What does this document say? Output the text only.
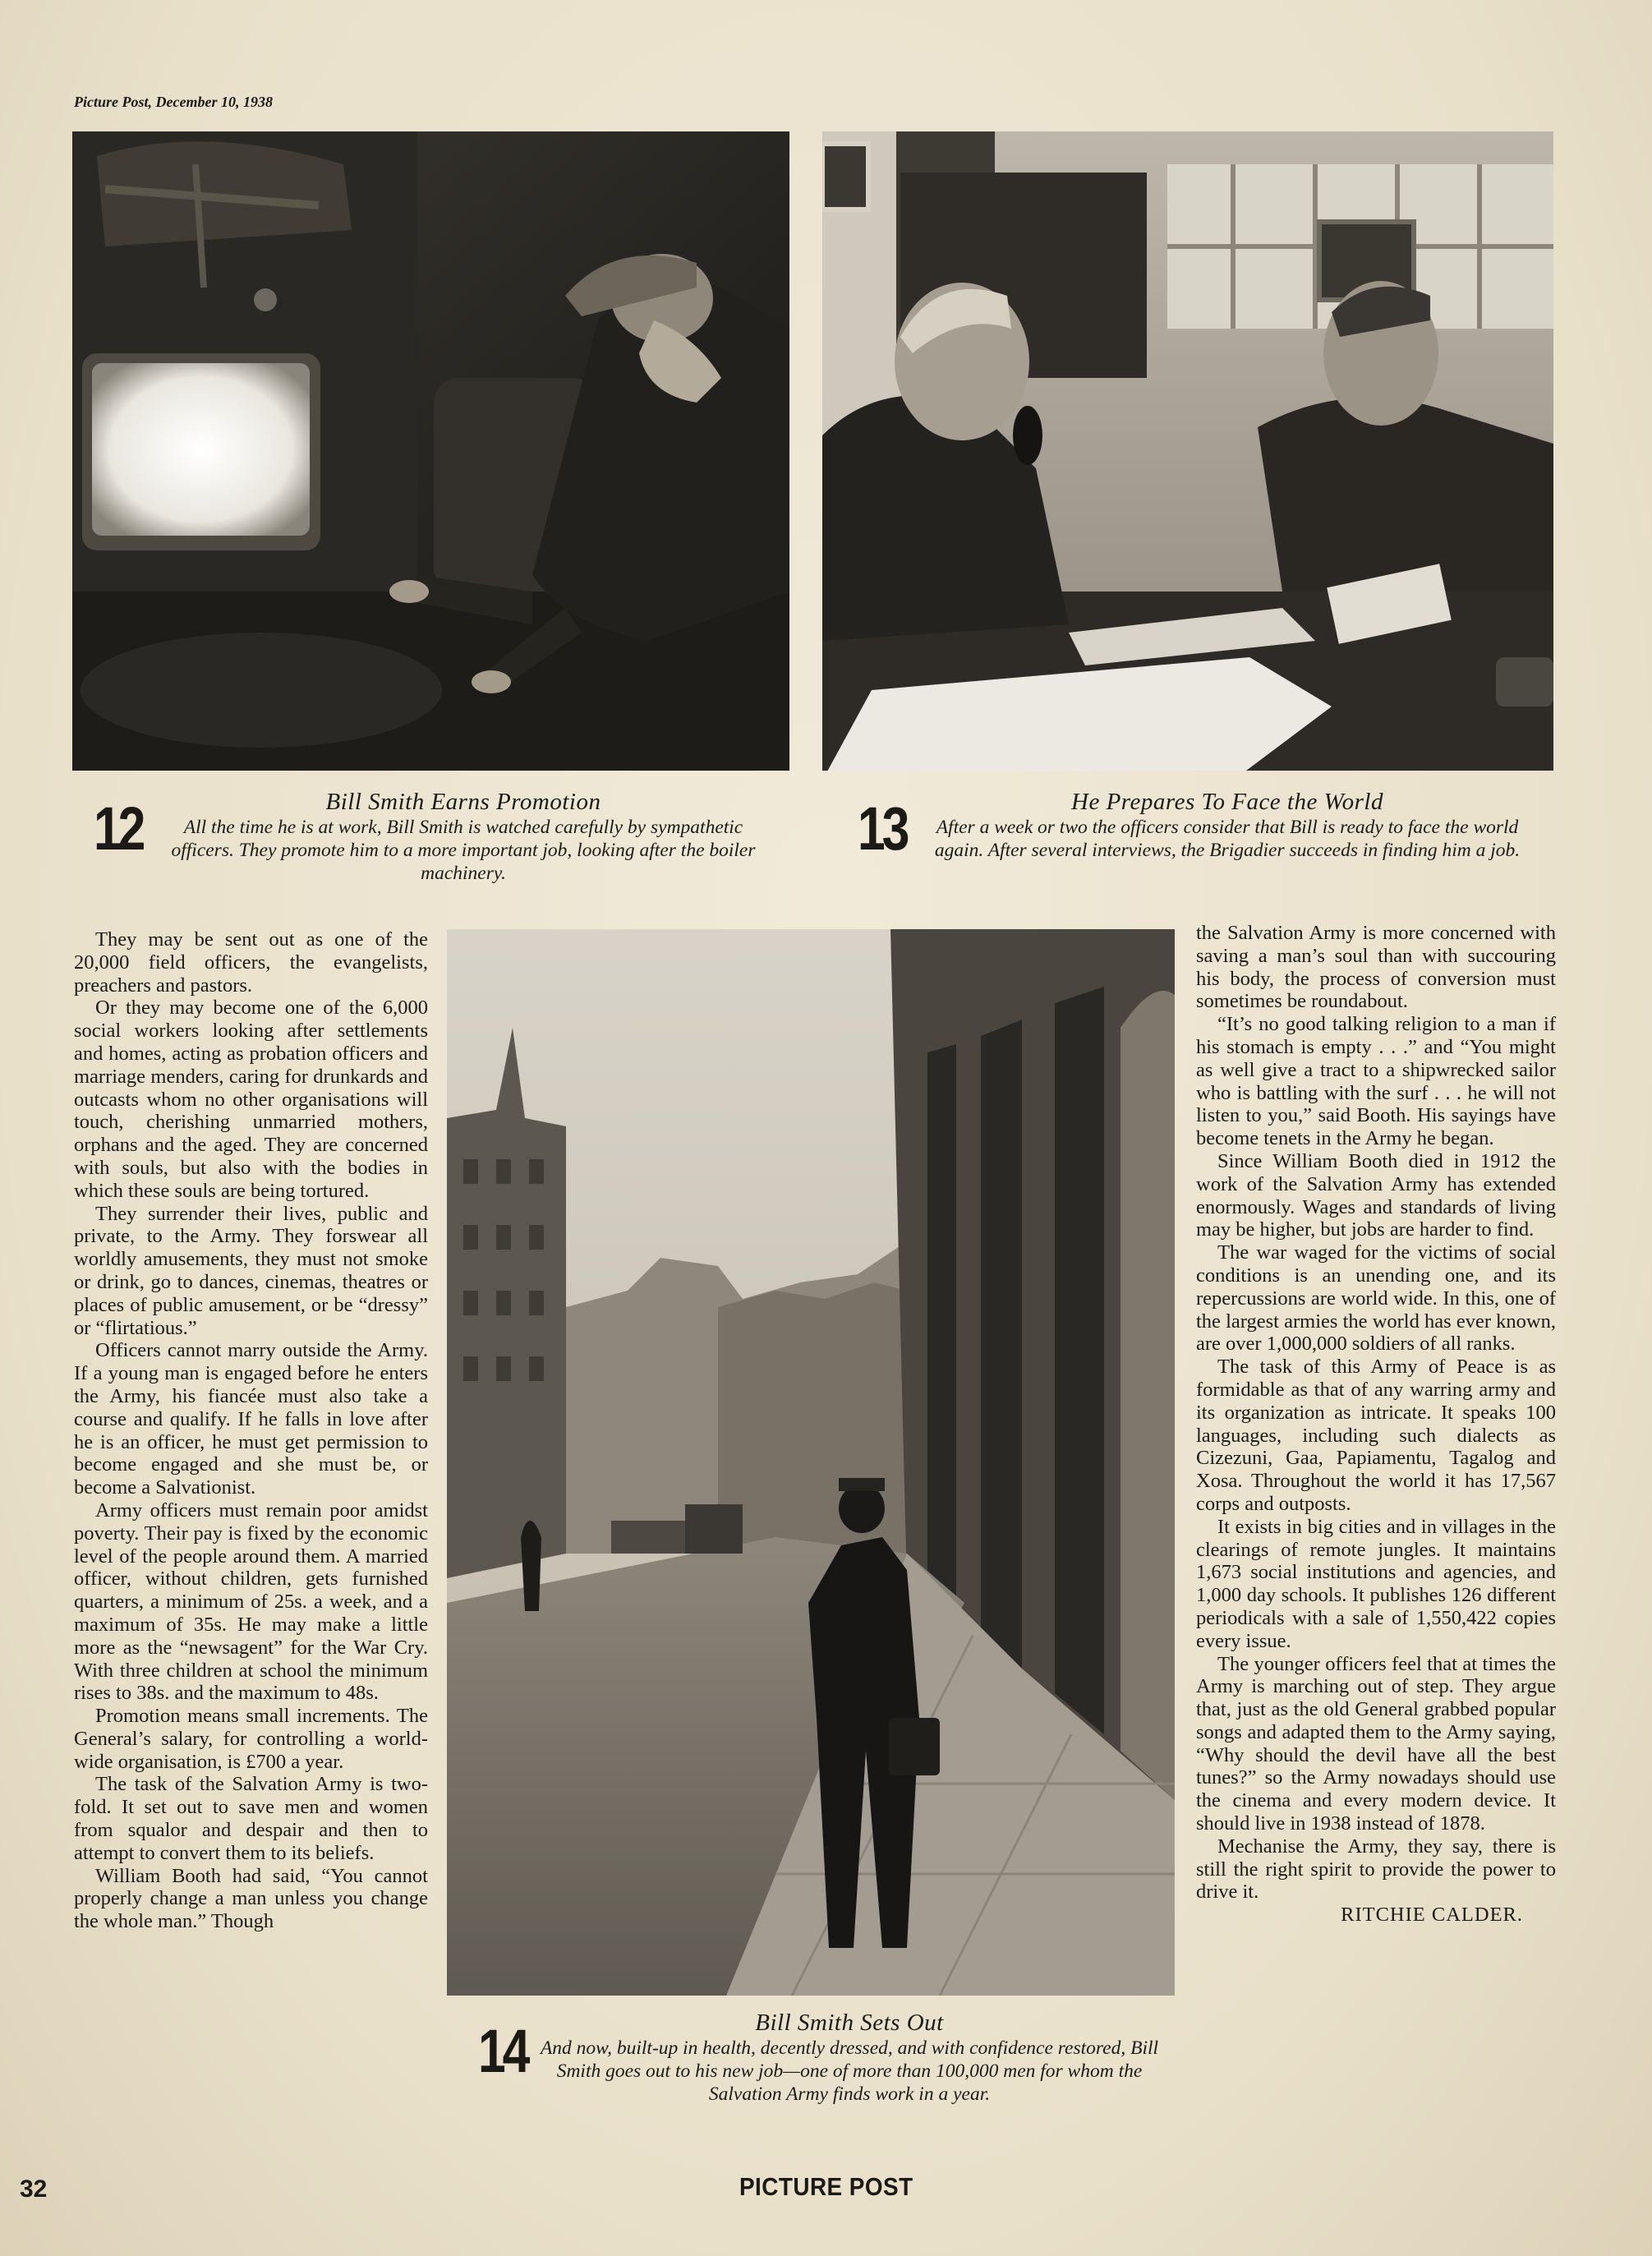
Picture Post, December 10, 1938
12	Bill Smith Earns Promotion
All the time he is at work, Bill Smith is watched carefully by sympathetic officers. They promote him to a more important job, looking after the boiler machinery.
13	He Prepares To Face the World
After a week or two the officers consider that Bill is ready to face the world again. After several interviews, the Brigadier succeeds in finding him a job.
14	Bill Smith Sets Out
And now, built-up in health, decently dressed, and with confidence restored, Bill Smith goes out to his new job—one of more than 100,000 men for whom the Salvation Army finds work in a year.

They may be sent out as one of the 20,000 field officers, the evangelists, preachers and pastors.

Or they may become one of the 6,000 social workers looking after settlements and homes, acting as probation officers and marriage menders, caring for drunkards and outcasts whom no other organisations will touch, cherishing unmarried mothers, orphans and the aged. They are concerned with souls, but also with the bodies in which these souls are being tortured.

They surrender their lives, public and private, to the Army. They forswear all worldly amusements, they must not smoke or drink, go to dances, cinemas, theatres or places of public amusement, or be “dressy” or “flirtatious.”

Officers cannot marry outside the Army. If a young man is engaged before he enters the Army, his fiancée must also take a course and qualify. If he falls in love after he is an officer, he must get permission to become engaged and she must be, or become a Salvationist.

Army officers must remain poor amidst poverty. Their pay is fixed by the economic level of the people around them. A married officer, without children, gets furnished quarters, a minimum of 25s. a week, and a maximum of 35s. He may make a little more as the “newsagent” for the War Cry. With three children at school the minimum rises to 38s. and the maximum to 48s.

Promotion means small increments. The General’s salary, for controlling a world-wide organisation, is £700 a year.

The task of the Salvation Army is two-fold. It set out to save men and women from squalor and despair and then to attempt to convert them to its beliefs.

William Booth had said, “You cannot properly change a man unless you change the whole man.” Though

the Salvation Army is more concerned with saving a man’s soul than with succouring his body, the process of conversion must sometimes be roundabout.

“It’s no good talking religion to a man if his stomach is empty . . .” and “You might as well give a tract to a shipwrecked sailor who is battling with the surf . . . he will not listen to you,” said Booth. His sayings have become tenets in the Army he began.

Since William Booth died in 1912 the work of the Salvation Army has extended enormously. Wages and standards of living may be higher, but jobs are harder to find.

The war waged for the victims of social conditions is an unending one, and its repercussions are world wide. In this, one of the largest armies the world has ever known, are over 1,000,000 soldiers of all ranks.

The task of this Army of Peace is as formidable as that of any warring army and its organization as intricate. It speaks 100 languages, including such dialects as Cizezuni, Gaa, Papiamentu, Tagalog and Xosa. Throughout the world it has 17,567 corps and outposts.

It exists in big cities and in villages in the clearings of remote jungles. It maintains 1,673 social institutions and agencies, and 1,000 day schools. It publishes 126 different periodicals with a sale of 1,550,422 copies every issue.

The younger officers feel that at times the Army is marching out of step. They argue that, just as the old General grabbed popular songs and adapted them to the Army saying, “Why should the devil have all the best tunes?” so the Army nowadays should use the cinema and every modern device. It should live in 1938 instead of 1878.

Mechanise the Army, they say, there is still the right spirit to provide the power to drive it.

RITCHIE CALDER.
32	PICTURE POST
